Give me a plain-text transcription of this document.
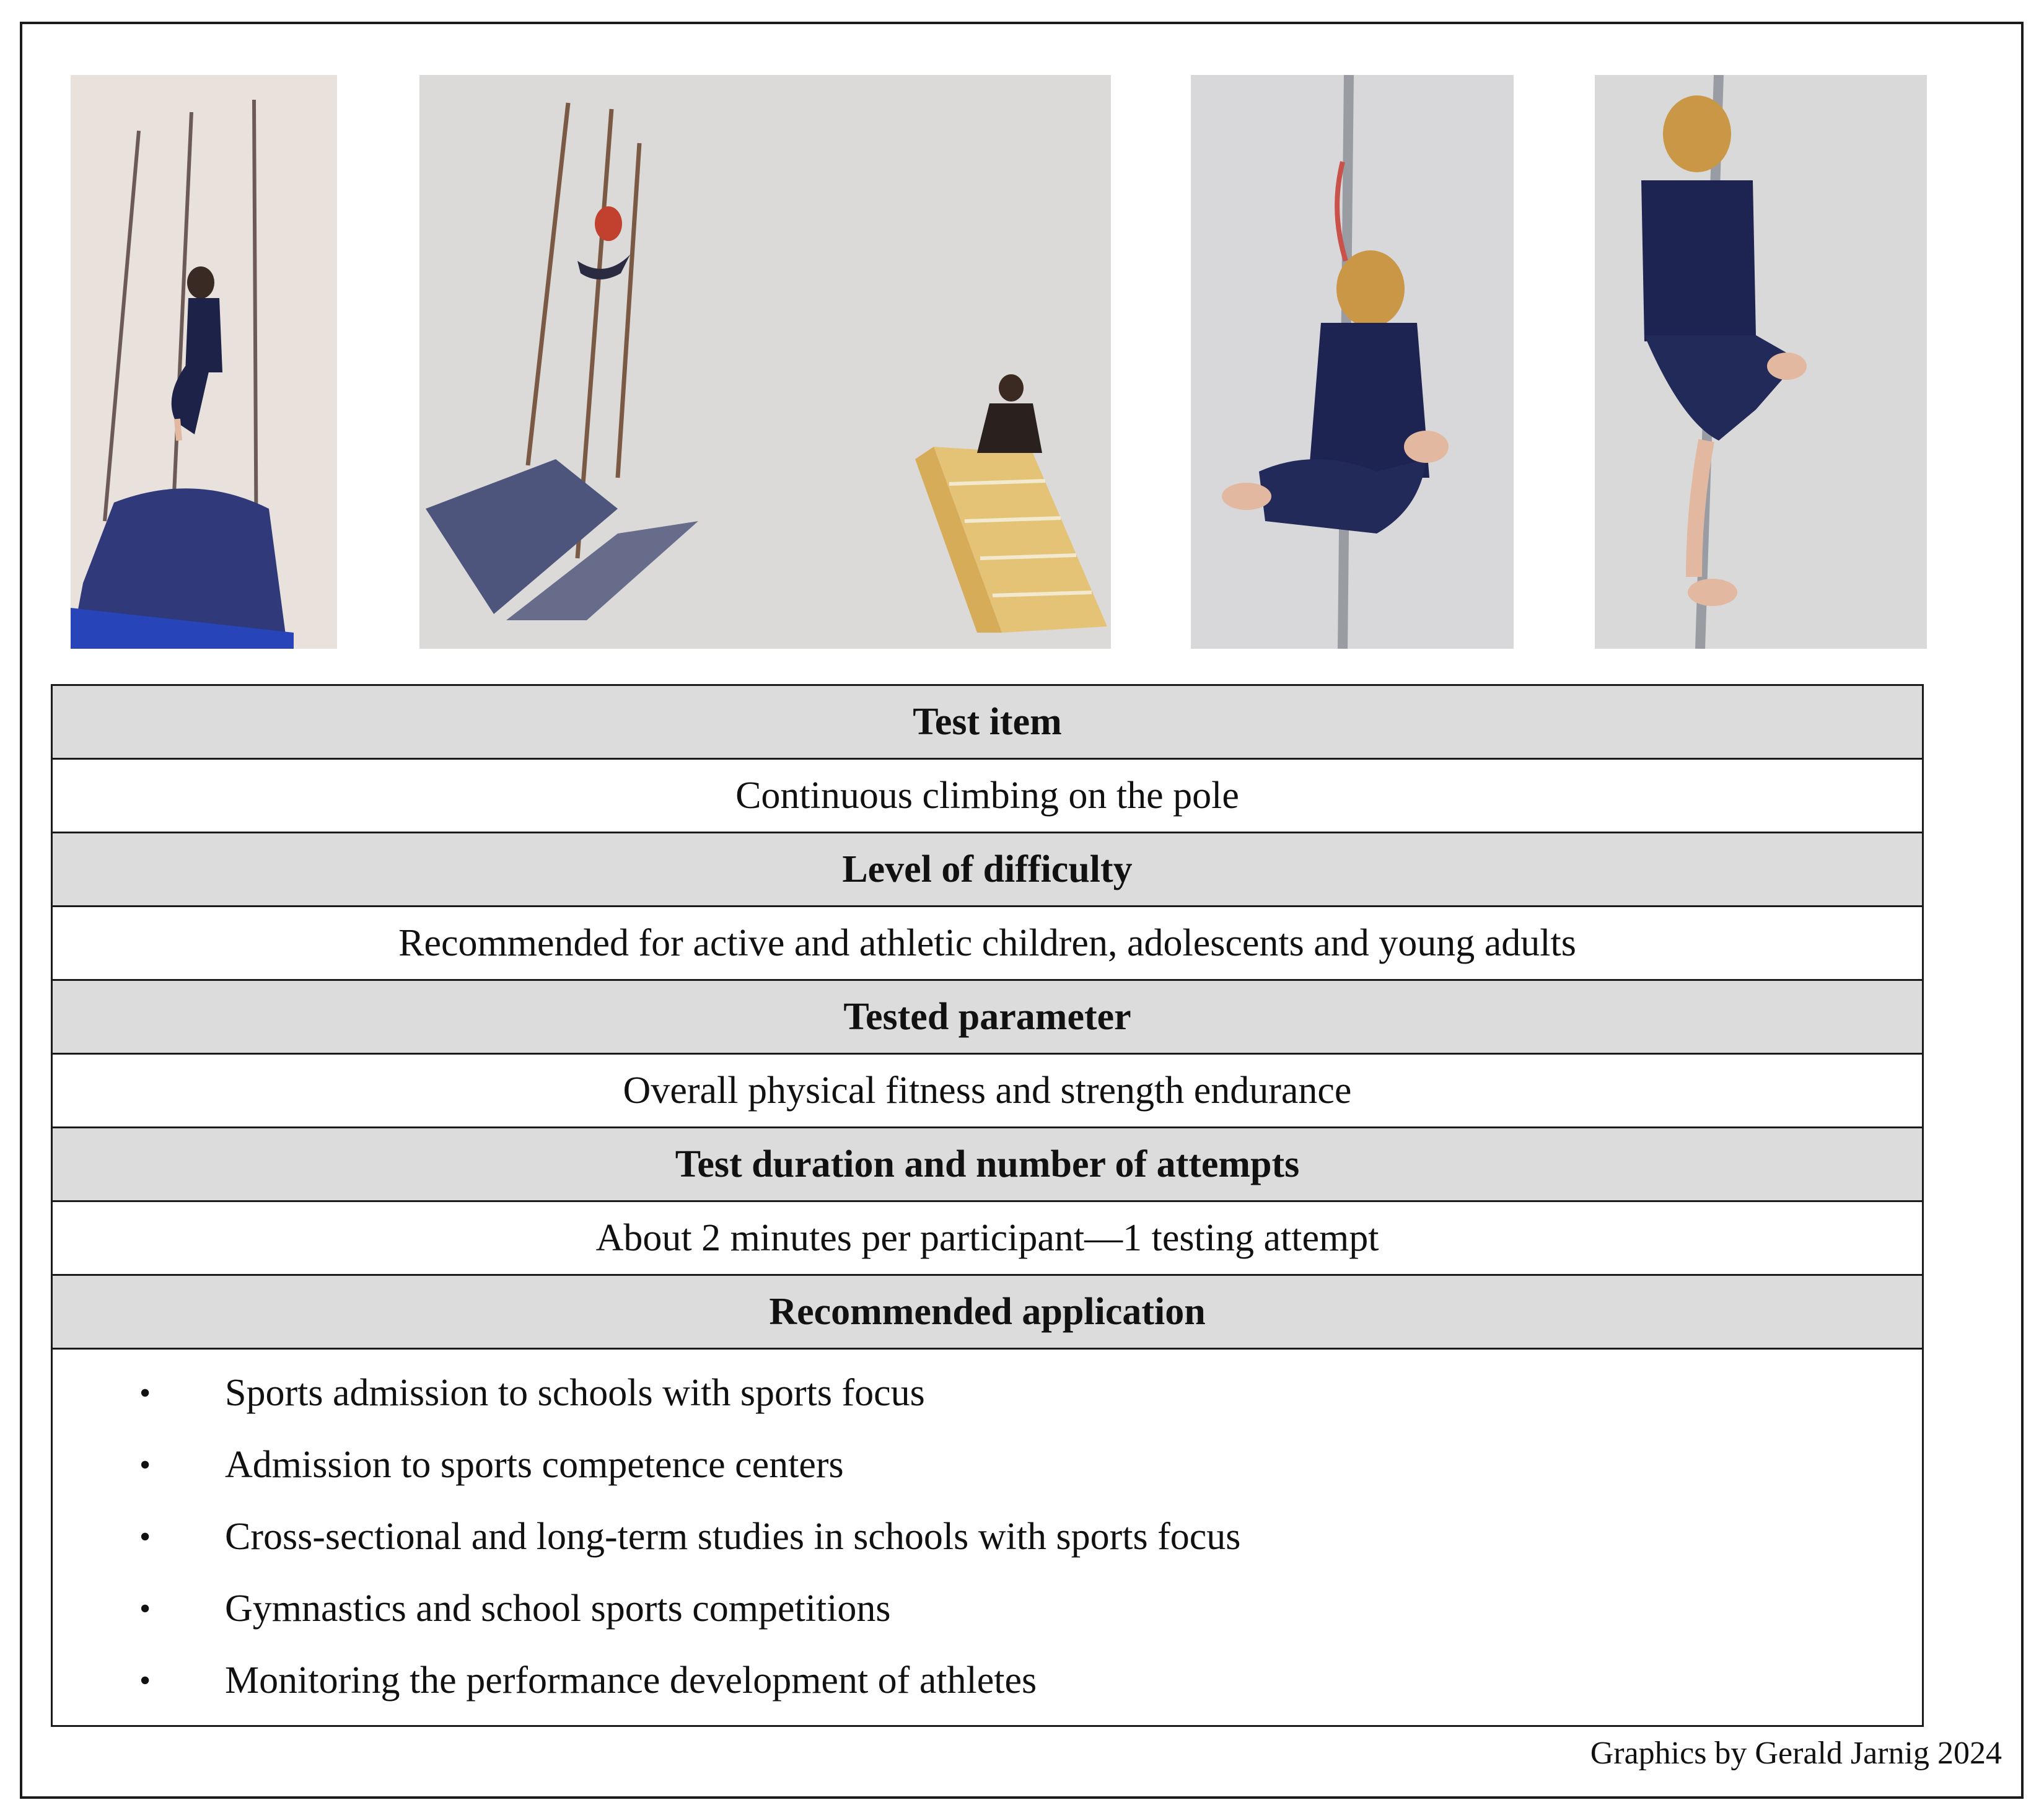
Test item
Continuous climbing on the pole
Level of difficulty
Recommended for active and athletic children, adolescents and young adults
Tested parameter
Overall physical fitness and strength endurance
Test duration and number of attempts
About 2 minutes per participant—1 testing attempt
Recommended application
•	Sports admission to schools with sports focus
•	Admission to sports competence centers
•	Cross-sectional and long-term studies in schools with sports focus
•	Gymnastics and school sports competitions
•	Monitoring the performance development of athletes
Graphics by Gerald Jarnig 2024
